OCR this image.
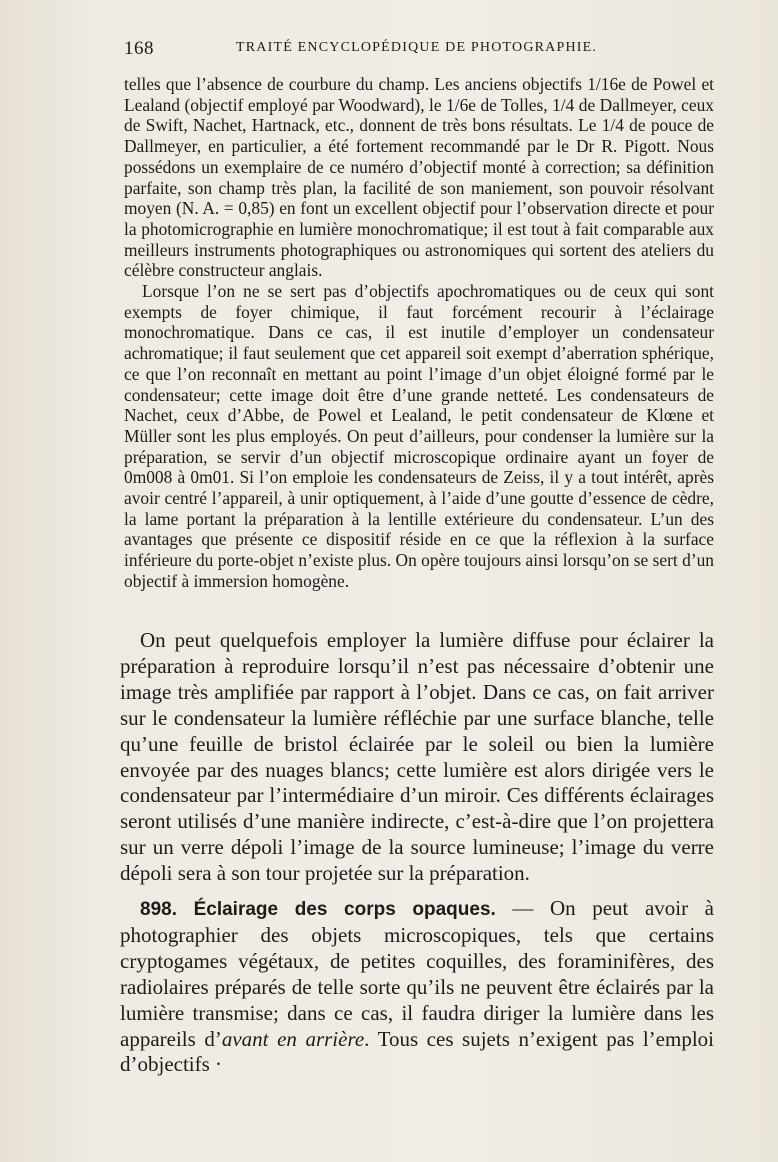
168	TRAITÉ ENCYCLOPÉDIQUE DE PHOTOGRAPHIE.

telles que l’absence de courbure du champ. Les anciens objectifs 1/16e de Powel et Lealand (objectif employé par Woodward), le 1/6e de Tolles, 1/4 de Dallmeyer, ceux de Swift, Nachet, Hartnack, etc., donnent de très bons résultats. Le 1/4 de pouce de Dallmeyer, en particulier, a été fortement recommandé par le Dr R. Pigott. Nous possédons un exemplaire de ce numéro d’objectif monté à correction; sa définition parfaite, son champ très plan, la facilité de son maniement, son pouvoir résolvant moyen (N. A. = 0,85) en font un excellent objectif pour l’observation directe et pour la photomicrographie en lumière monochromatique; il est tout à fait comparable aux meilleurs instruments photographiques ou astronomiques qui sortent des ateliers du célèbre constructeur anglais.

Lorsque l’on ne se sert pas d’objectifs apochromatiques ou de ceux qui sont exempts de foyer chimique, il faut forcément recourir à l’éclairage monochromatique. Dans ce cas, il est inutile d’employer un condensateur achromatique; il faut seulement que cet appareil soit exempt d’aberration sphérique, ce que l’on reconnaît en mettant au point l’image d’un objet éloigné formé par le condensateur; cette image doit être d’une grande netteté. Les condensateurs de Nachet, ceux d’Abbe, de Powel et Lealand, le petit condensateur de Klœne et Müller sont les plus employés. On peut d’ailleurs, pour condenser la lumière sur la préparation, se servir d’un objectif microscopique ordinaire ayant un foyer de 0m008 à 0m01. Si l’on emploie les condensateurs de Zeiss, il y a tout intérêt, après avoir centré l’appareil, à unir optiquement, à l’aide d’une goutte d’essence de cèdre, la lame portant la préparation à la lentille extérieure du condensateur. L’un des avantages que présente ce dispositif réside en ce que la réflexion à la surface inférieure du porte-objet n’existe plus. On opère toujours ainsi lorsqu’on se sert d’un objectif à immersion homogène.

On peut quelquefois employer la lumière diffuse pour éclairer la préparation à reproduire lorsqu’il n’est pas nécessaire d’obtenir une image très amplifiée par rapport à l’objet. Dans ce cas, on fait arriver sur le condensateur la lumière réfléchie par une surface blanche, telle qu’une feuille de bristol éclairée par le soleil ou bien la lumière envoyée par des nuages blancs; cette lumière est alors dirigée vers le condensateur par l’intermédiaire d’un miroir. Ces différents éclairages seront utilisés d’une manière indirecte, c’est-à-dire que l’on projettera sur un verre dépoli l’image de la source lumineuse; l’image du verre dépoli sera à son tour projetée sur la préparation.

898. Éclairage des corps opaques. — On peut avoir à photographier des objets microscopiques, tels que certains cryptogames végétaux, de petites coquilles, des foraminifères, des radiolaires préparés de telle sorte qu’ils ne peuvent être éclairés par la lumière transmise; dans ce cas, il faudra diriger la lumière dans les appareils d’avant en arrière. Tous ces sujets n’exigent pas l’emploi d’objectifs ·
